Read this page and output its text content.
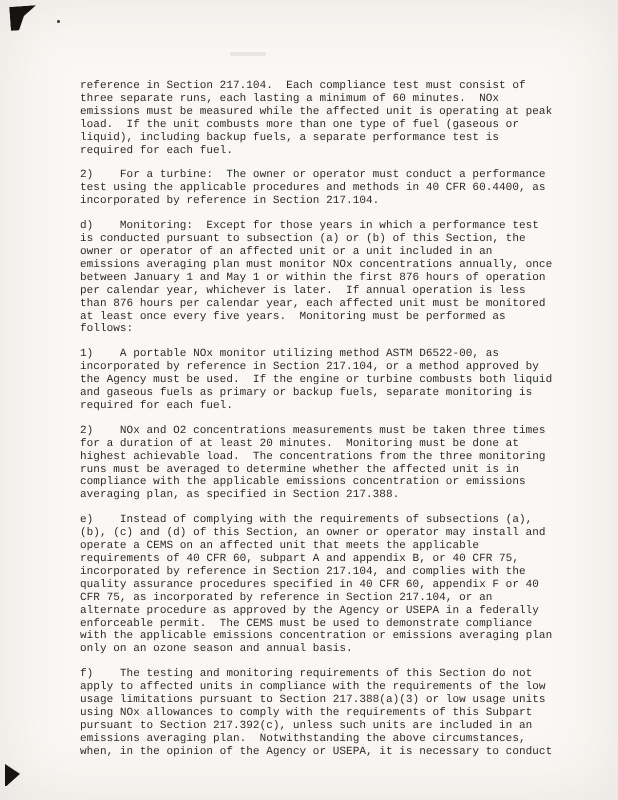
reference in Section 217.104.  Each compliance test must consist of three separate runs, each lasting a minimum of 60 minutes.  NOx emissions must be measured while the affected unit is operating at peak load.  If the unit combusts more than one type of fuel (gaseous or liquid), including backup fuels, a separate performance test is required for each fuel.

2)    For a turbine:  The owner or operator must conduct a performance test using the applicable procedures and methods in 40 CFR 60.4400, as incorporated by reference in Section 217.104.

d)    Monitoring:  Except for those years in which a performance test is conducted pursuant to subsection (a) or (b) of this Section, the owner or operator of an affected unit or a unit included in an emissions averaging plan must monitor NOx concentrations annually, once between January 1 and May 1 or within the first 876 hours of operation per calendar year, whichever is later.  If annual operation is less than 876 hours per calendar year, each affected unit must be monitored at least once every five years.  Monitoring must be performed as follows:

1)    A portable NOx monitor utilizing method ASTM D6522-00, as incorporated by reference in Section 217.104, or a method approved by the Agency must be used.  If the engine or turbine combusts both liquid and gaseous fuels as primary or backup fuels, separate monitoring is required for each fuel.

2)    NOx and O2 concentrations measurements must be taken three times for a duration of at least 20 minutes.  Monitoring must be done at highest achievable load.  The concentrations from the three monitoring runs must be averaged to determine whether the affected unit is in compliance with the applicable emissions concentration or emissions averaging plan, as specified in Section 217.388.

e)    Instead of complying with the requirements of subsections (a), (b), (c) and (d) of this Section, an owner or operator may install and operate a CEMS on an affected unit that meets the applicable requirements of 40 CFR 60, subpart A and appendix B, or 40 CFR 75, incorporated by reference in Section 217.104, and complies with the quality assurance procedures specified in 40 CFR 60, appendix F or 40 CFR 75, as incorporated by reference in Section 217.104, or an alternate procedure as approved by the Agency or USEPA in a federally enforceable permit.  The CEMS must be used to demonstrate compliance with the applicable emissions concentration or emissions averaging plan only on an ozone season and annual basis.

f)    The testing and monitoring requirements of this Section do not apply to affected units in compliance with the requirements of the low usage limitations pursuant to Section 217.388(a)(3) or low usage units using NOx allowances to comply with the requirements of this Subpart pursuant to Section 217.392(c), unless such units are included in an emissions averaging plan.  Notwithstanding the above circumstances, when, in the opinion of the Agency or USEPA, it is necessary to conduct
